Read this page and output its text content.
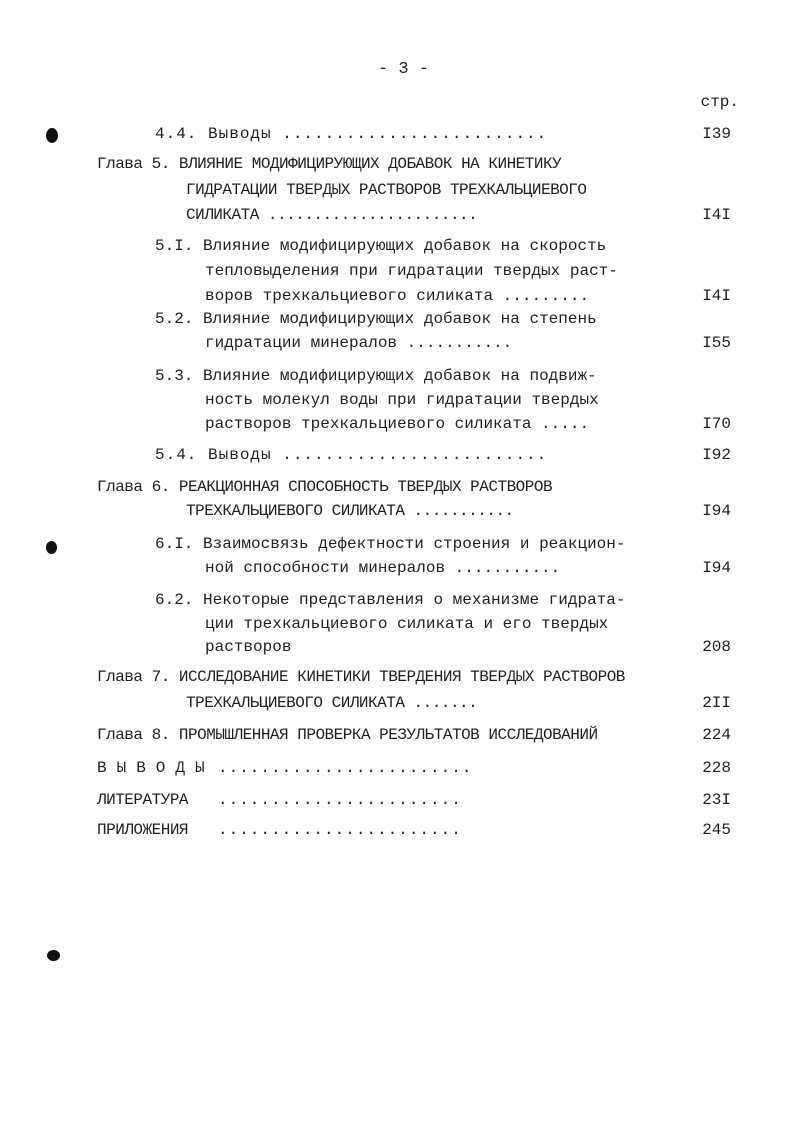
- 3 -
стр.
4.4. Выводы .........................	I39
Глава 5. ВЛИЯНИЕ МОДИФИЦИРУЮЩИХ ДОБАВОК НА КИНЕТИКУ
ГИДРАТАЦИИ ТВЕРДЫХ РАСТВОРОВ ТРЕХКАЛЬЦИЕВОГО
СИЛИКАТА .......................	I4I
5.I. Влияние модифицирующих добавок на скорость
тепловыделения при гидратации твердых раст-
воров трехкальциевого силиката .........	I4I
5.2. Влияние модифицирующих добавок на степень
гидратации минералов ...........	I55
5.3. Влияние модифицирующих добавок на подвиж-
ность молекул воды при гидратации твердых
растворов трехкальциевого силиката .....	I70
5.4. Выводы .........................	I92
Глава 6. РЕАКЦИОННАЯ СПОСОБНОСТЬ ТВЕРДЫХ РАСТВОРОВ
ТРЕХКАЛЬЦИЕВОГО СИЛИКАТА ...........	I94
6.I. Взаимосвязь дефектности строения и реакцион-
ной способности минералов ...........	I94
6.2. Некоторые представления о механизме гидрата-
ции трехкальциевого силиката и его твердых
растворов	208
Глава 7. ИССЛЕДОВАНИЕ КИНЕТИКИ ТВЕРДЕНИЯ ТВЕРДЫХ РАСТВОРОВ
ТРЕХКАЛЬЦИЕВОГО СИЛИКАТА .......	2II
Глава 8. ПРОМЫШЛЕННАЯ ПРОВЕРКА РЕЗУЛЬТАТОВ ИССЛЕДОВАНИЙ	224
ВЫВОДЫ ........................	228
ЛИТЕРАТУРА .......................	23I
ПРИЛОЖЕНИЯ .......................	245
